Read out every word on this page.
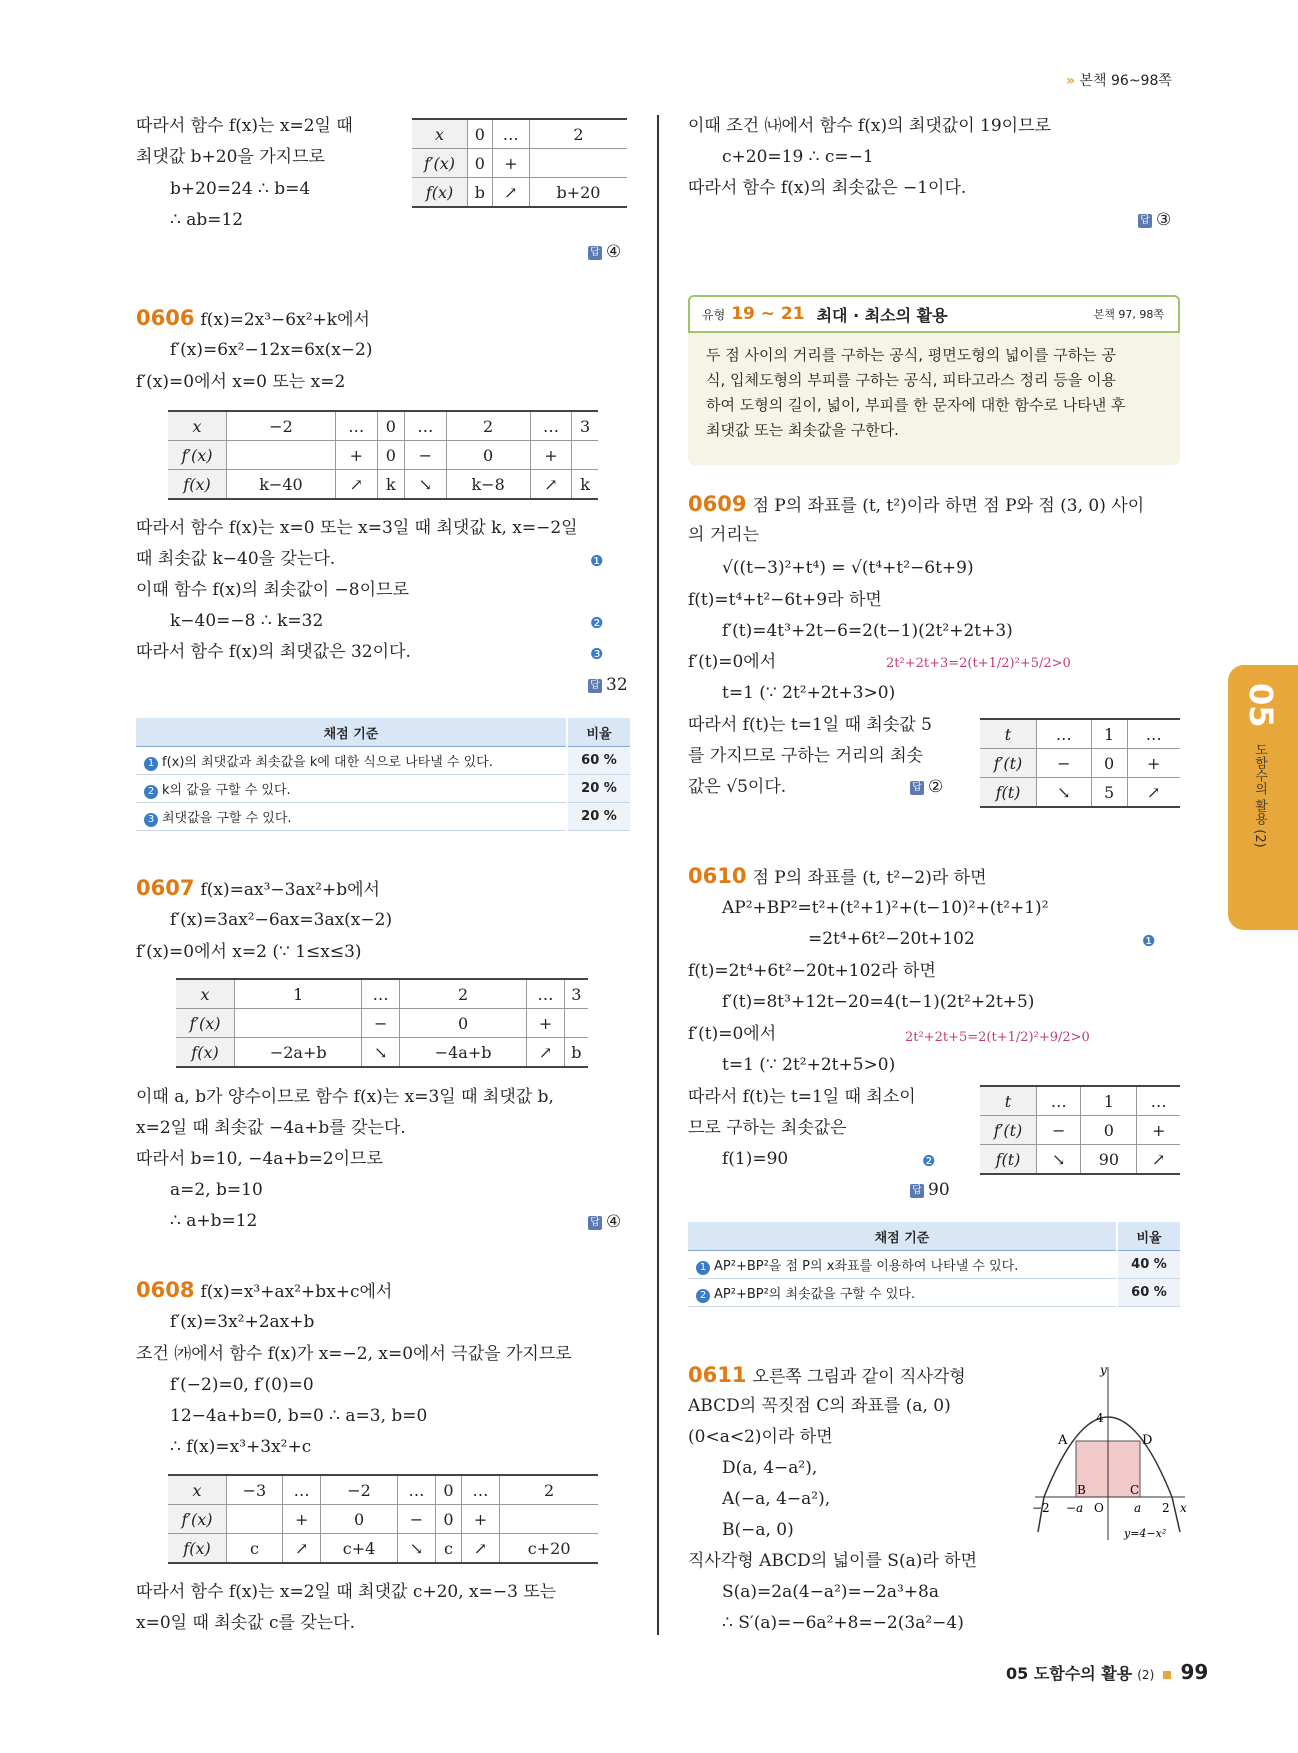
» 본책 96~98쪽
따라서 함수 f(x)는 x=2일 때
최댓값 b+20을 가지므로
b+20=24 ∴ b=4
∴ ab=12
x	0	…	2
f′(x)	0	+	
f(x)	b	↗	b+20
답 ④
0606 f(x)=2x³−6x²+k에서
f′(x)=6x²−12x=6x(x−2)
f′(x)=0에서 x=0 또는 x=2
x	−2	…	0	…	2	…	3
f′(x)		+	0	−	0	+	
f(x)	k−40	↗	k	↘	k−8	↗	k
따라서 함수 f(x)는 x=0 또는 x=3일 때 최댓값 k, x=−2일
때 최솟값 k−40을 갖는다.
이때 함수 f(x)의 최솟값이 −8이므로
k−40=−8 ∴ k=32
따라서 함수 f(x)의 최댓값은 32이다.
❶
❷
❸
답 32
채점 기준	비율
1 f(x)의 최댓값과 최솟값을 k에 대한 식으로 나타낼 수 있다.	60 %
2 k의 값을 구할 수 있다.	20 %
3 최댓값을 구할 수 있다.	20 %
0607 f(x)=ax³−3ax²+b에서
f′(x)=3ax²−6ax=3ax(x−2)
f′(x)=0에서 x=2 (∵ 1≤x≤3)
x	1	…	2	…	3
f′(x)		−	0	+	
f(x)	−2a+b	↘	−4a+b	↗	b
이때 a, b가 양수이므로 함수 f(x)는 x=3일 때 최댓값 b,
x=2일 때 최솟값 −4a+b를 갖는다.
따라서 b=10, −4a+b=2이므로
a=2, b=10
∴ a+b=12	답 ④
0608 f(x)=x³+ax²+bx+c에서
f′(x)=3x²+2ax+b
조건 ㈎에서 함수 f(x)가 x=−2, x=0에서 극값을 가지므로
f′(−2)=0, f′(0)=0
12−4a+b=0, b=0 ∴ a=3, b=0
∴ f(x)=x³+3x²+c
x	−3	…	−2	…	0	…	2
f′(x)		+	0	−	0	+	
f(x)	c	↗	c+4	↘	c	↗	c+20
따라서 함수 f(x)는 x=2일 때 최댓값 c+20, x=−3 또는
x=0일 때 최솟값 c를 갖는다.
이때 조건 ㈏에서 함수 f(x)의 최댓값이 19이므로
c+20=19 ∴ c=−1
따라서 함수 f(x)의 최솟값은 −1이다.
답 ③
유형 19 ~ 21 최대 · 최소의 활용	본책 97, 98쪽
두 점 사이의 거리를 구하는 공식, 평면도형의 넓이를 구하는 공
식, 입체도형의 부피를 구하는 공식, 피타고라스 정리 등을 이용
하여 도형의 길이, 넓이, 부피를 한 문자에 대한 함수로 나타낸 후
최댓값 또는 최솟값을 구한다.
0609 점 P의 좌표를 (t, t²)이라 하면 점 P와 점 (3, 0) 사이
의 거리는
√((t−3)²+t⁴) = √(t⁴+t²−6t+9)
f(t)=t⁴+t²−6t+9라 하면
f′(t)=4t³+2t−6=2(t−1)(2t²+2t+3)
f′(t)=0에서	2t²+2t+3=2(t+1/2)²+5/2>0
t=1 (∵ 2t²+2t+3>0)
따라서 f(t)는 t=1일 때 최솟값 5
를 가지므로 구하는 거리의 최솟
값은 √5이다.	답 ②
t	…	1	…
f′(t)	−	0	+
f(t)	↘	5	↗
0610 점 P의 좌표를 (t, t²−2)라 하면
AP²+BP²=t²+(t²+1)²+(t−10)²+(t²+1)²
=2t⁴+6t²−20t+102	❶
f(t)=2t⁴+6t²−20t+102라 하면
f′(t)=8t³+12t−20=4(t−1)(2t²+2t+5)
f′(t)=0에서	2t²+2t+5=2(t+1/2)²+9/2>0
t=1 (∵ 2t²+2t+5>0)
따라서 f(t)는 t=1일 때 최소이
므로 구하는 최솟값은
f(1)=90	❷
답 90
t	…	1	…
f′(t)	−	0	+
f(t)	↘	90	↗
채점 기준	비율
1 AP²+BP²을 점 P의 x좌표를 이용하여 나타낼 수 있다.	40 %
2 AP²+BP²의 최솟값을 구할 수 있다.	60 %
0611 오른쪽 그림과 같이 직사각형
ABCD의 꼭짓점 C의 좌표를 (a, 0)
(0<a<2)이라 하면
D(a, 4−a²),
A(−a, 4−a²),
B(−a, 0)
직사각형 ABCD의 넓이를 S(a)라 하면
S(a)=2a(4−a²)=−2a³+8a
∴ S′(a)=−6a²+8=−2(3a²−4)
y
x
4
A	D
B	C
−2 −a O	a 2
y=4−x²
05
도함수의 활용 (2)
05 도함수의 활용 (2) 99
